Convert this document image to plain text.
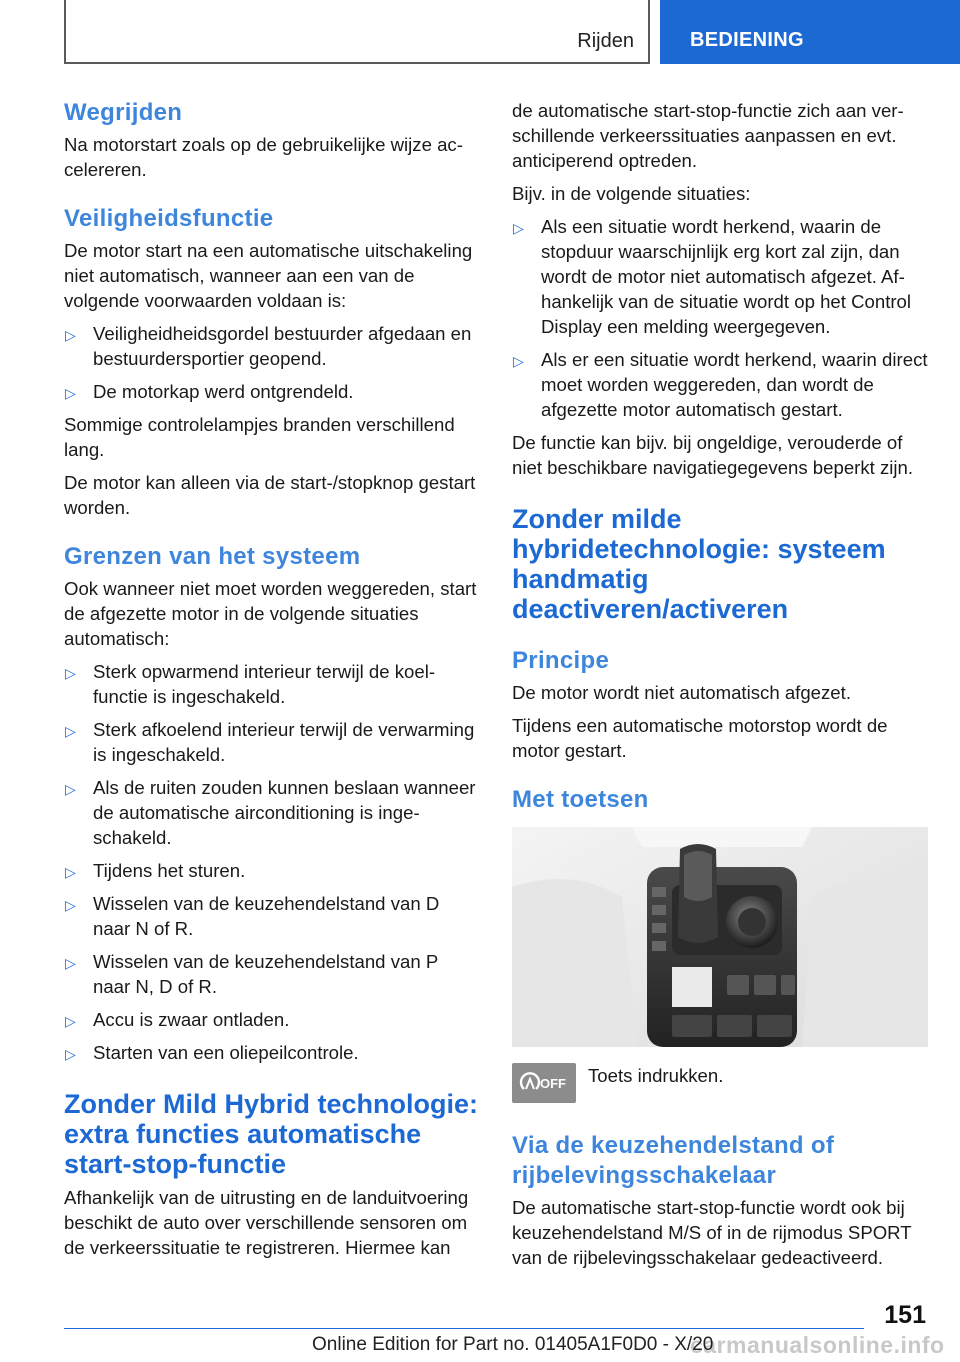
Rijden	BEDIENING
Wegrijden

Na motorstart zoals op de gebruikelijke wijze accelereren.

Veiligheidsfunctie

De motor start na een automatische uitschakeling niet automatisch, wanneer aan een van de volgende voorwaarden voldaan is:

▷ Veiligheidheidsgordel bestuurder afgedaan en bestuurdersportier geopend.
▷ De motorkap werd ontgrendeld.

Sommige controlelampjes branden verschillend lang.

De motor kan alleen via de start-/stopknop gestart worden.

Grenzen van het systeem

Ook wanneer niet moet worden weggereden, start de afgezette motor in de volgende situaties automatisch:

▷ Sterk opwarmend interieur terwijl de koelfunctie is ingeschakeld.
▷ Sterk afkoelend interieur terwijl de verwarming is ingeschakeld.
▷ Als de ruiten zouden kunnen beslaan wanneer de automatische airconditioning is ingeschakeld.
▷ Tijdens het sturen.
▷ Wisselen van de keuzehendelstand van D naar N of R.
▷ Wisselen van de keuzehendelstand van P naar N, D of R.
▷ Accu is zwaar ontladen.
▷ Starten van een oliepeilcontrole.
Zonder Mild Hybrid technologie: extra functies automatische start-stop-functie

Afhankelijk van de uitrusting en de landuitvoering beschikt de auto over verschillende sensoren om de verkeerssituatie te registreren. Hiermee kan

de automatische start-stop-functie zich aan verschillende verkeerssituaties aanpassen en evt. anticiperend optreden.

Bijv. in de volgende situaties:

▷ Als een situatie wordt herkend, waarin de stopduur waarschijnlijk erg kort zal zijn, dan wordt de motor niet automatisch afgezet. Afhankelijk van de situatie wordt op het Control Display een melding weergegeven.
▷ Als er een situatie wordt herkend, waarin direct moet worden weggereden, dan wordt de afgezette motor automatisch gestart.

De functie kan bijv. bij ongeldige, verouderde of niet beschikbare navigatiegegevens beperkt zijn.

Zonder milde hybridetechnologie: systeem handmatig deactiveren/activeren
Principe

De motor wordt niet automatisch afgezet.

Tijdens een automatische motorstop wordt de motor gestart.

Met toetsen
OFF Toets indrukken.
Via de keuzehendelstand of rijbelevingsschakelaar

De automatische start-stop-functie wordt ook bij keuzehendelstand M/S of in de rijmodus SPORT van de rijbelevingsschakelaar gedeactiveerd.

151
carmanualsonline.info
Online Edition for Part no. 01405A1F0D0 - X/20
